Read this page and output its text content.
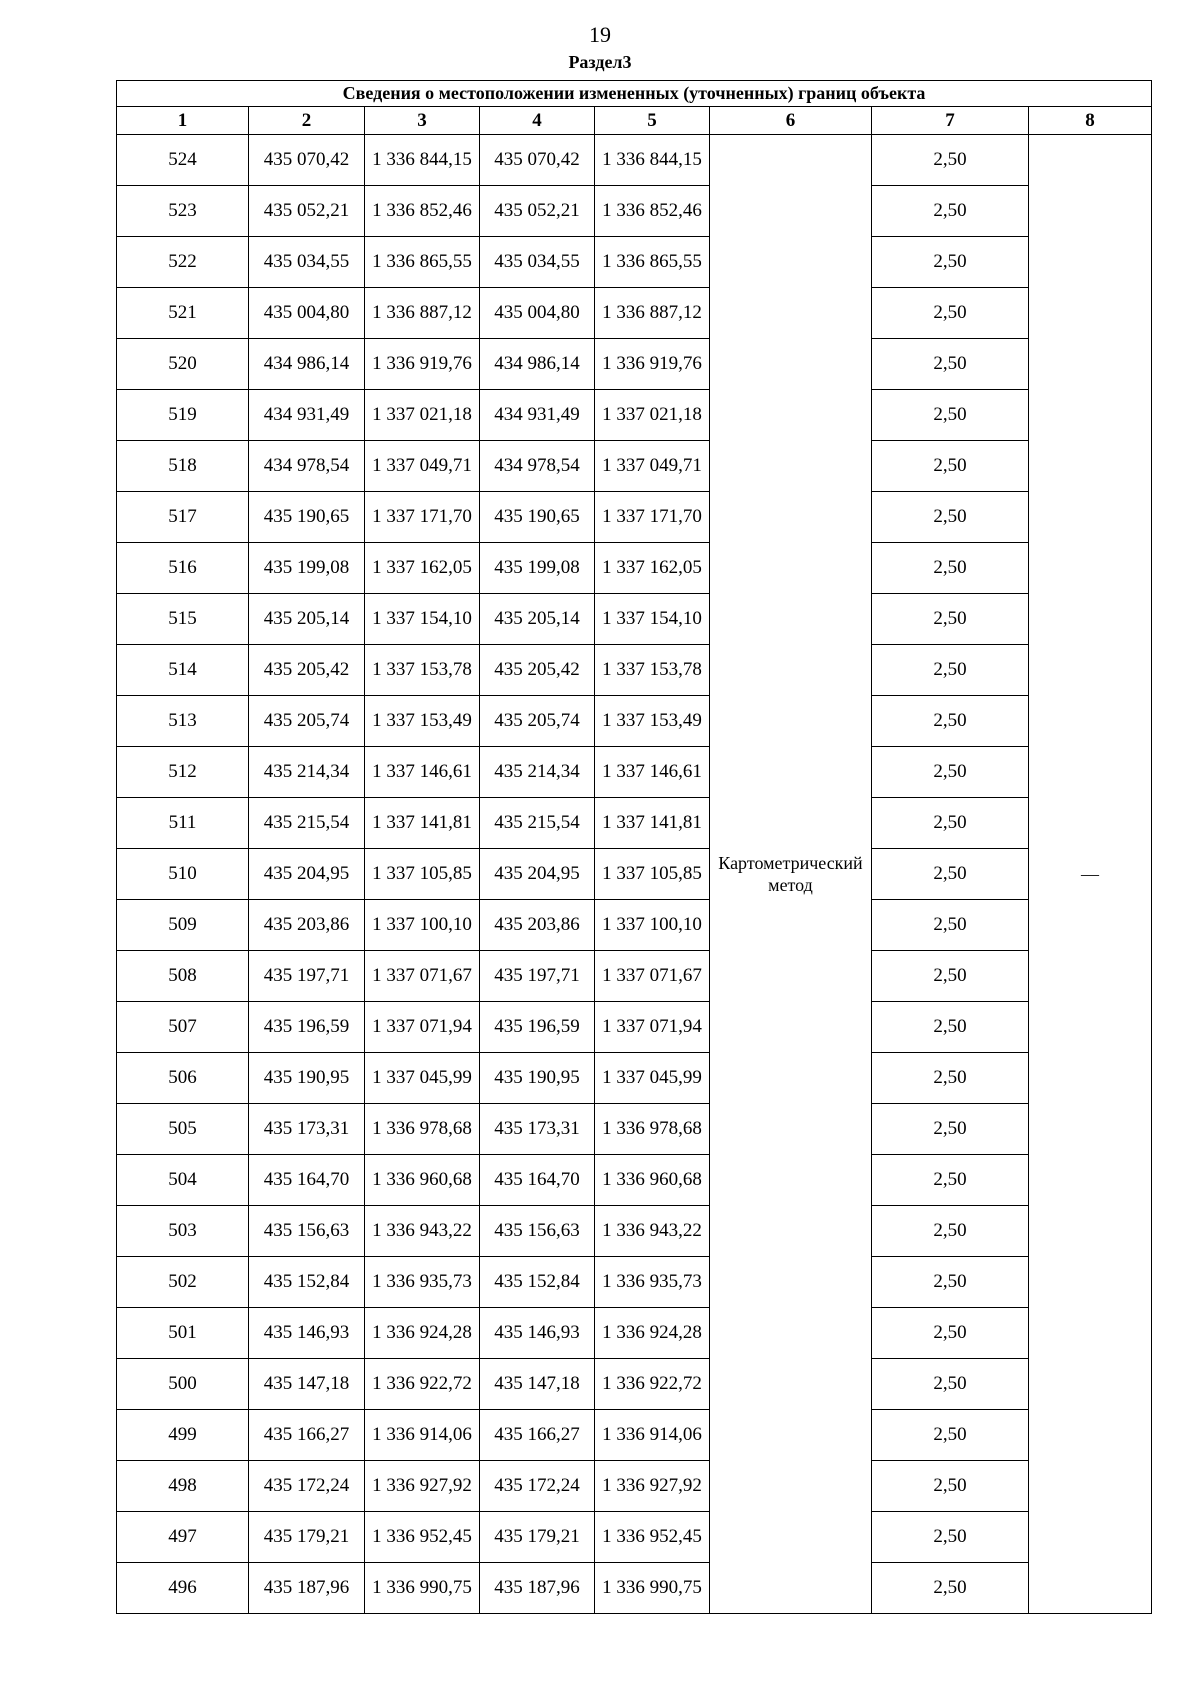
19
Раздел3
Сведения о местоположении измененных (уточненных) границ объекта							
1	2	3	4	5	6	7	8
524	435 070,42	1 336 844,15	435 070,42	1 336 844,15	Картометрический метод	2,50	—
523	435 052,21	1 336 852,46	435 052,21	1 336 852,46		2,50	
522	435 034,55	1 336 865,55	435 034,55	1 336 865,55		2,50	
521	435 004,80	1 336 887,12	435 004,80	1 336 887,12		2,50	
520	434 986,14	1 336 919,76	434 986,14	1 336 919,76		2,50	
519	434 931,49	1 337 021,18	434 931,49	1 337 021,18		2,50	
518	434 978,54	1 337 049,71	434 978,54	1 337 049,71		2,50	
517	435 190,65	1 337 171,70	435 190,65	1 337 171,70		2,50	
516	435 199,08	1 337 162,05	435 199,08	1 337 162,05		2,50	
515	435 205,14	1 337 154,10	435 205,14	1 337 154,10		2,50	
514	435 205,42	1 337 153,78	435 205,42	1 337 153,78		2,50	
513	435 205,74	1 337 153,49	435 205,74	1 337 153,49		2,50	
512	435 214,34	1 337 146,61	435 214,34	1 337 146,61		2,50	
511	435 215,54	1 337 141,81	435 215,54	1 337 141,81		2,50	
510	435 204,95	1 337 105,85	435 204,95	1 337 105,85		2,50	
509	435 203,86	1 337 100,10	435 203,86	1 337 100,10		2,50	
508	435 197,71	1 337 071,67	435 197,71	1 337 071,67		2,50	
507	435 196,59	1 337 071,94	435 196,59	1 337 071,94		2,50	
506	435 190,95	1 337 045,99	435 190,95	1 337 045,99		2,50	
505	435 173,31	1 336 978,68	435 173,31	1 336 978,68		2,50	
504	435 164,70	1 336 960,68	435 164,70	1 336 960,68		2,50	
503	435 156,63	1 336 943,22	435 156,63	1 336 943,22		2,50	
502	435 152,84	1 336 935,73	435 152,84	1 336 935,73		2,50	
501	435 146,93	1 336 924,28	435 146,93	1 336 924,28		2,50	
500	435 147,18	1 336 922,72	435 147,18	1 336 922,72		2,50	
499	435 166,27	1 336 914,06	435 166,27	1 336 914,06		2,50	
498	435 172,24	1 336 927,92	435 172,24	1 336 927,92		2,50	
497	435 179,21	1 336 952,45	435 179,21	1 336 952,45		2,50	
496	435 187,96	1 336 990,75	435 187,96	1 336 990,75		2,50	
